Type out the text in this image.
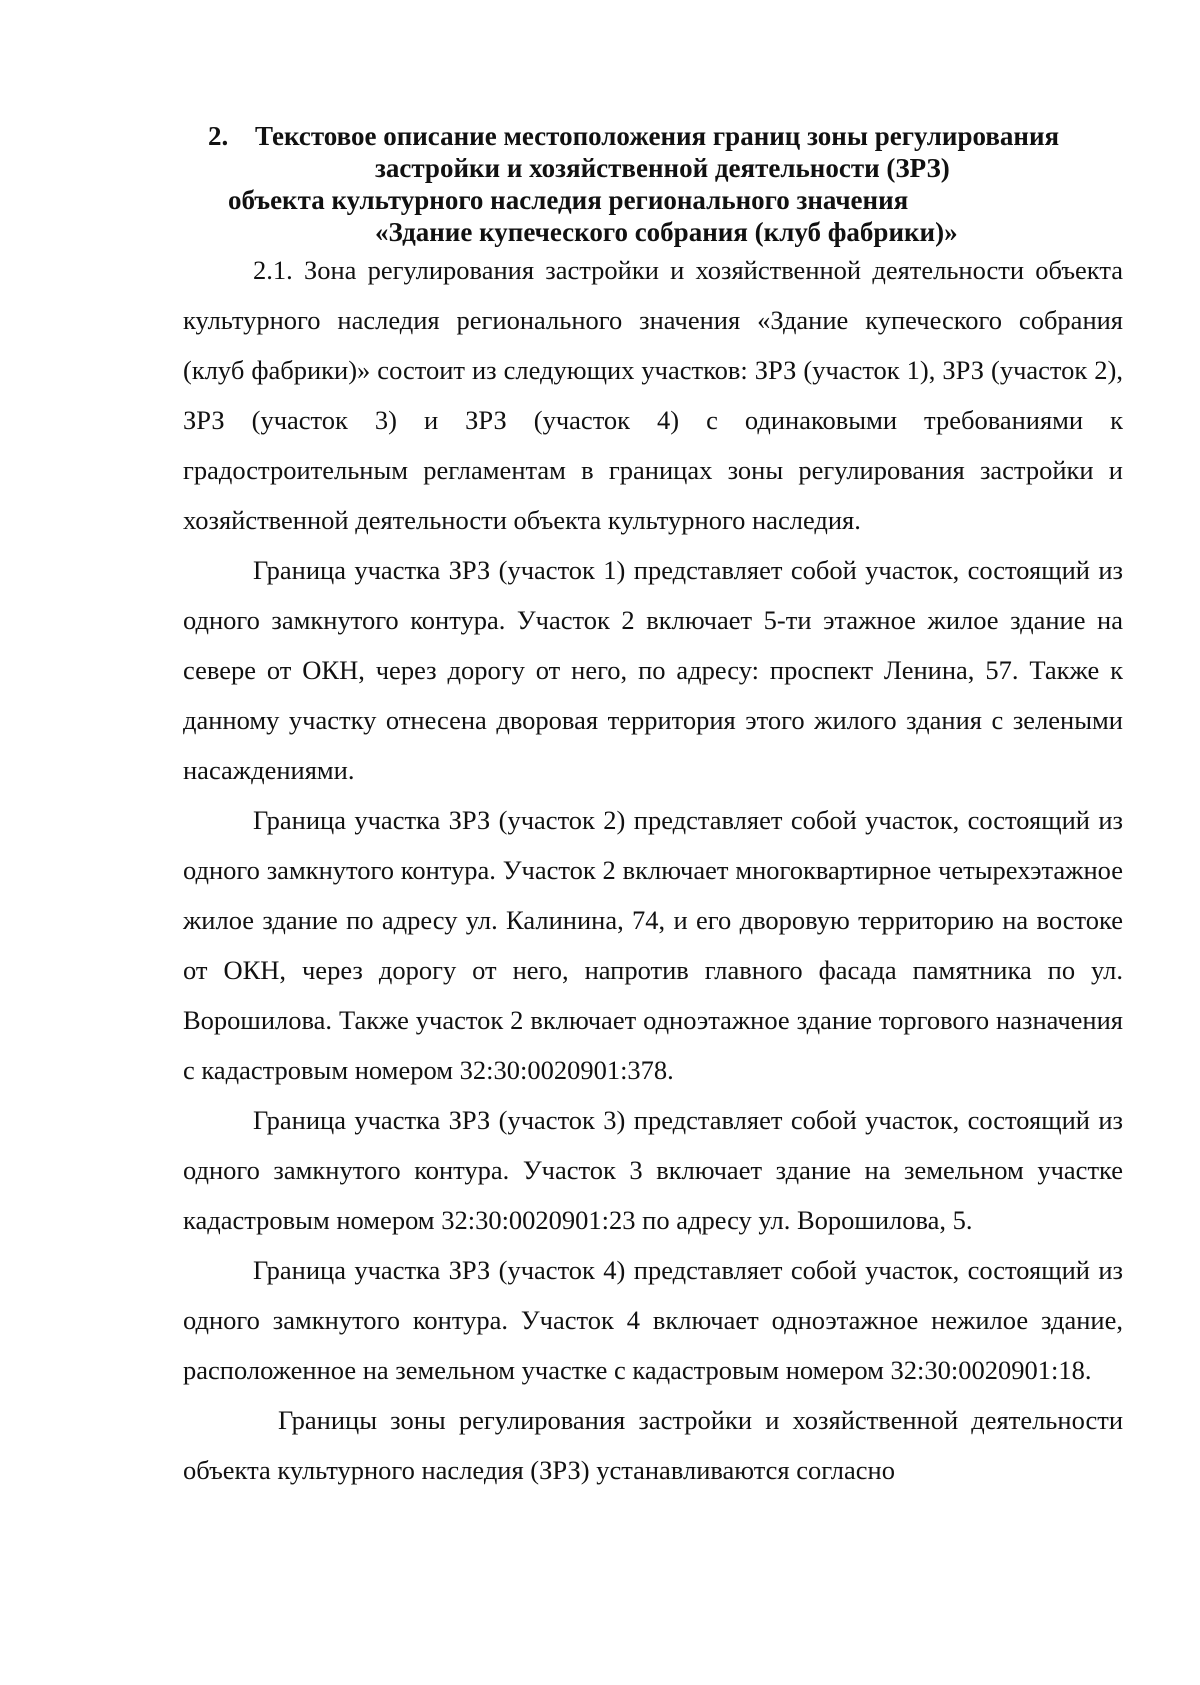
2. Текстовое описание местоположения границ зоны регулирования
застройки и хозяйственной деятельности (ЗРЗ)
объекта культурного наследия регионального значения
«Здание купеческого собрания (клуб фабрики)»

2.1. Зона регулирования застройки и хозяйственной деятельности объекта культурного наследия регионального значения «Здание купеческого собрания (клуб фабрики)» состоит из следующих участков: ЗРЗ (участок 1), ЗРЗ (участок 2), ЗРЗ (участок 3) и ЗРЗ (участок 4) с одинаковыми требованиями к градостроительным регламентам в границах зоны регулирования застройки и хозяйственной деятельности объекта культурного наследия.

Граница участка ЗРЗ (участок 1) представляет собой участок, состоящий из одного замкнутого контура. Участок 2 включает 5-ти этажное жилое здание на севере от ОКН, через дорогу от него, по адресу: проспект Ленина, 57. Также к данному участку отнесена дворовая территория этого жилого здания с зелеными насаждениями.

Граница участка ЗРЗ (участок 2) представляет собой участок, состоящий из одного замкнутого контура. Участок 2 включает многоквартирное четырехэтажное жилое здание по адресу ул. Калинина, 74, и его дворовую территорию на востоке от ОКН, через дорогу от него, напротив главного фасада памятника по ул. Ворошилова. Также участок 2 включает одноэтажное здание торгового назначения с кадастровым номером 32:30:0020901:378.

Граница участка ЗРЗ (участок 3) представляет собой участок, состоящий из одного замкнутого контура. Участок 3 включает здание на земельном участке кадастровым номером 32:30:0020901:23 по адресу ул. Ворошилова, 5.

Граница участка ЗРЗ (участок 4) представляет собой участок, состоящий из одного замкнутого контура. Участок 4 включает одноэтажное нежилое здание, расположенное на земельном участке с кадастровым номером 32:30:0020901:18.

Границы зоны регулирования застройки и хозяйственной деятельности объекта культурного наследия (ЗРЗ) устанавливаются согласно
